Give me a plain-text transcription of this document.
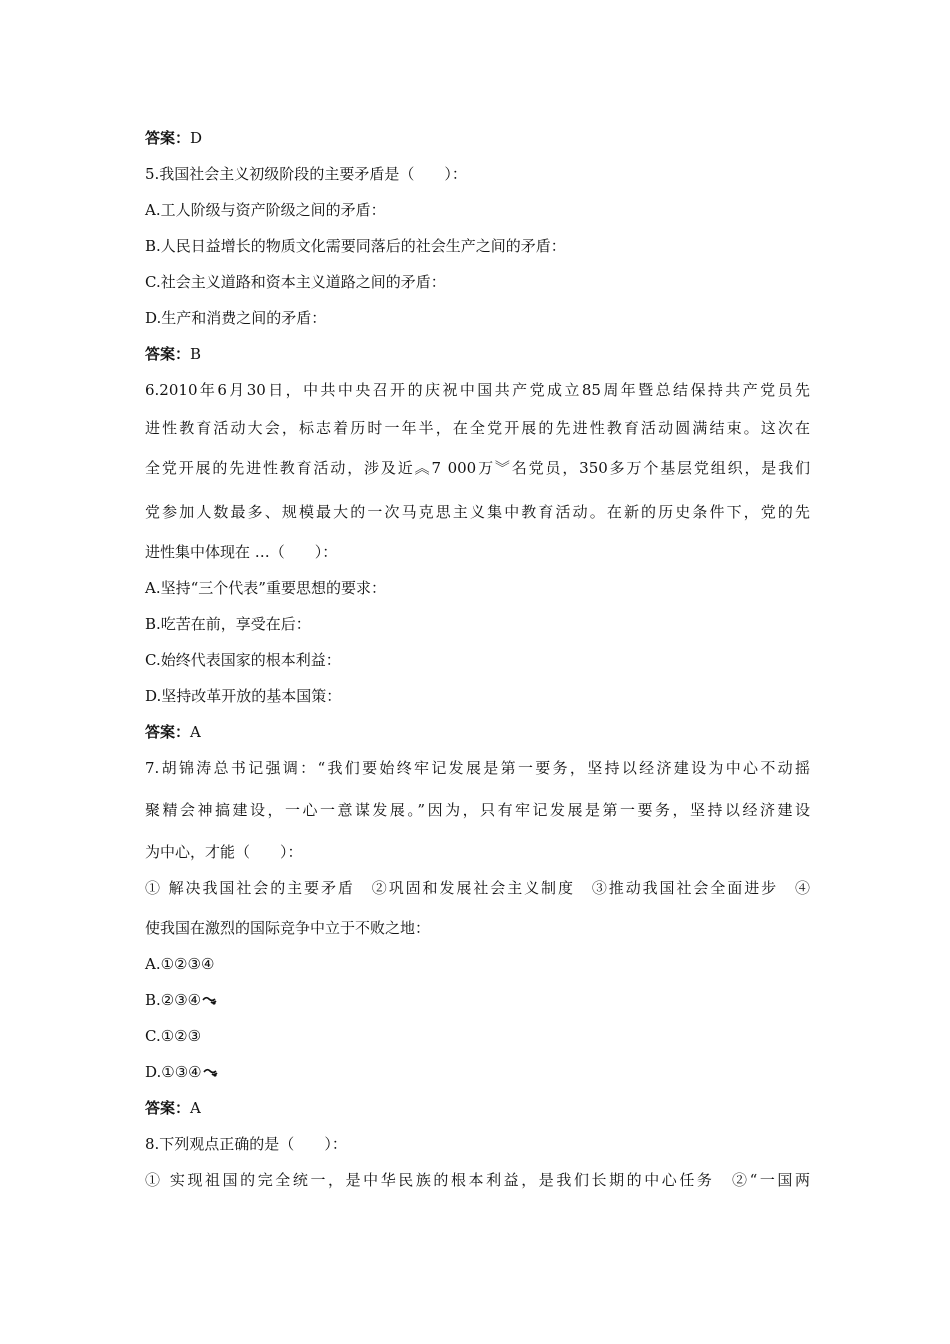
答案：D
5.我国社会主义初级阶段的主要矛盾是（　　）：
A.工人阶级与资产阶级之间的矛盾：
B.人民日益增长的物质文化需要同落后的社会生产之间的矛盾：
C.社会主义道路和资本主义道路之间的矛盾：
D.生产和消费之间的矛盾：
答案：B
6.2010年6月30日，中共中央召开的庆祝中国共产党成立85周年暨总结保持共产党员先
进性教育活动大会，标志着历时一年半，在全党开展的先进性教育活动圆满结束。这次在
全党开展的先进性教育活动，涉及近︽7 000万︾名党员，350多万个基层党组织，是我们
党参加人数最多、规模最大的一次马克思主义集中教育活动。在新的历史条件下，党的先
进性集中体现在 …（　　）：
A.坚持“三个代表”重要思想的要求：
B.吃苦在前，享受在后：
C.始终代表国家的根本利益：
D.坚持改革开放的基本国策：
答案：A
7.胡锦涛总书记强调：“我们要始终牢记发展是第一要务，坚持以经济建设为中心不动摇
聚精会神搞建设，一心一意谋发展。”因为，只有牢记发展是第一要务，坚持以经济建设
为中心，才能（　　）：
① 解决我国社会的主要矛盾　②巩固和发展社会主义制度　③推动我国社会全面进步　④
使我国在激烈的国际竞争中立于不败之地：
A.①②③④
B.②③④
C.①②③
D.①③④
答案：A
8.下列观点正确的是（　　）：
① 实现祖国的完全统一，是中华民族的根本利益，是我们长期的中心任务　②“一国两
